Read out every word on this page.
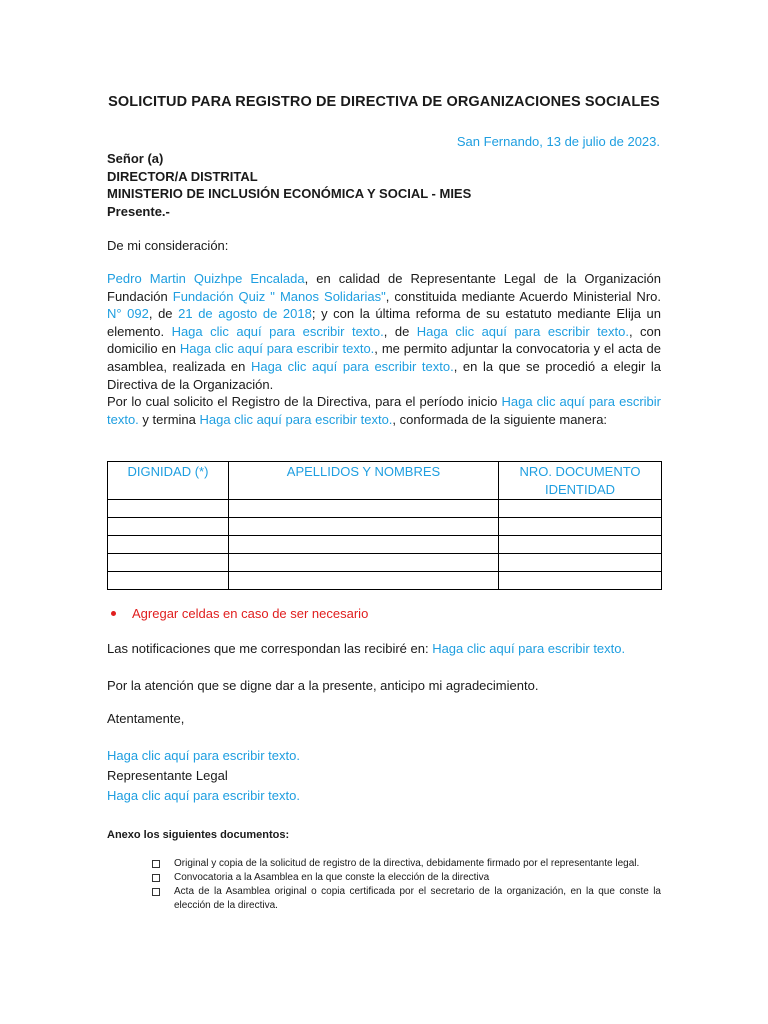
SOLICITUD PARA REGISTRO DE DIRECTIVA DE ORGANIZACIONES SOCIALES
San Fernando, 13 de julio de 2023.
Señor (a)
DIRECTOR/A DISTRITAL
MINISTERIO DE INCLUSIÓN ECONÓMICA Y SOCIAL - MIES
Presente.-
De mi consideración:
Pedro Martin Quizhpe Encalada, en calidad de Representante Legal de la Organización Fundación Fundación Quiz " Manos Solidarias", constituida mediante Acuerdo Ministerial Nro. N° 092, de 21 de agosto de 2018; y con la última reforma de su estatuto mediante Elija un elemento. Haga clic aquí para escribir texto., de Haga clic aquí para escribir texto., con domicilio en Haga clic aquí para escribir texto., me permito adjuntar la convocatoria y el acta de asamblea, realizada en Haga clic aquí para escribir texto., en la que se procedió a elegir la Directiva de la Organización.
Por lo cual solicito el Registro de la Directiva, para el período inicio Haga clic aquí para escribir texto. y termina Haga clic aquí para escribir texto., conformada de la siguiente manera:
DIGNIDAD (*)	APELLIDOS Y NOMBRES	NRO. DOCUMENTO IDENTIDAD

Agregar celdas en caso de ser necesario
Las notificaciones que me correspondan las recibiré en: Haga clic aquí para escribir texto.
Por la atención que se digne dar a la presente, anticipo mi agradecimiento.
Atentamente,
Haga clic aquí para escribir texto.
Representante Legal
Haga clic aquí para escribir texto.
Anexo los siguientes documentos:
Original y copia de la solicitud de registro de la directiva, debidamente firmado por el representante legal.
Convocatoria a la Asamblea en la que conste la elección de la directiva
Acta de la Asamblea original o copia certificada por el secretario de la organización, en la que conste la elección de la directiva.
